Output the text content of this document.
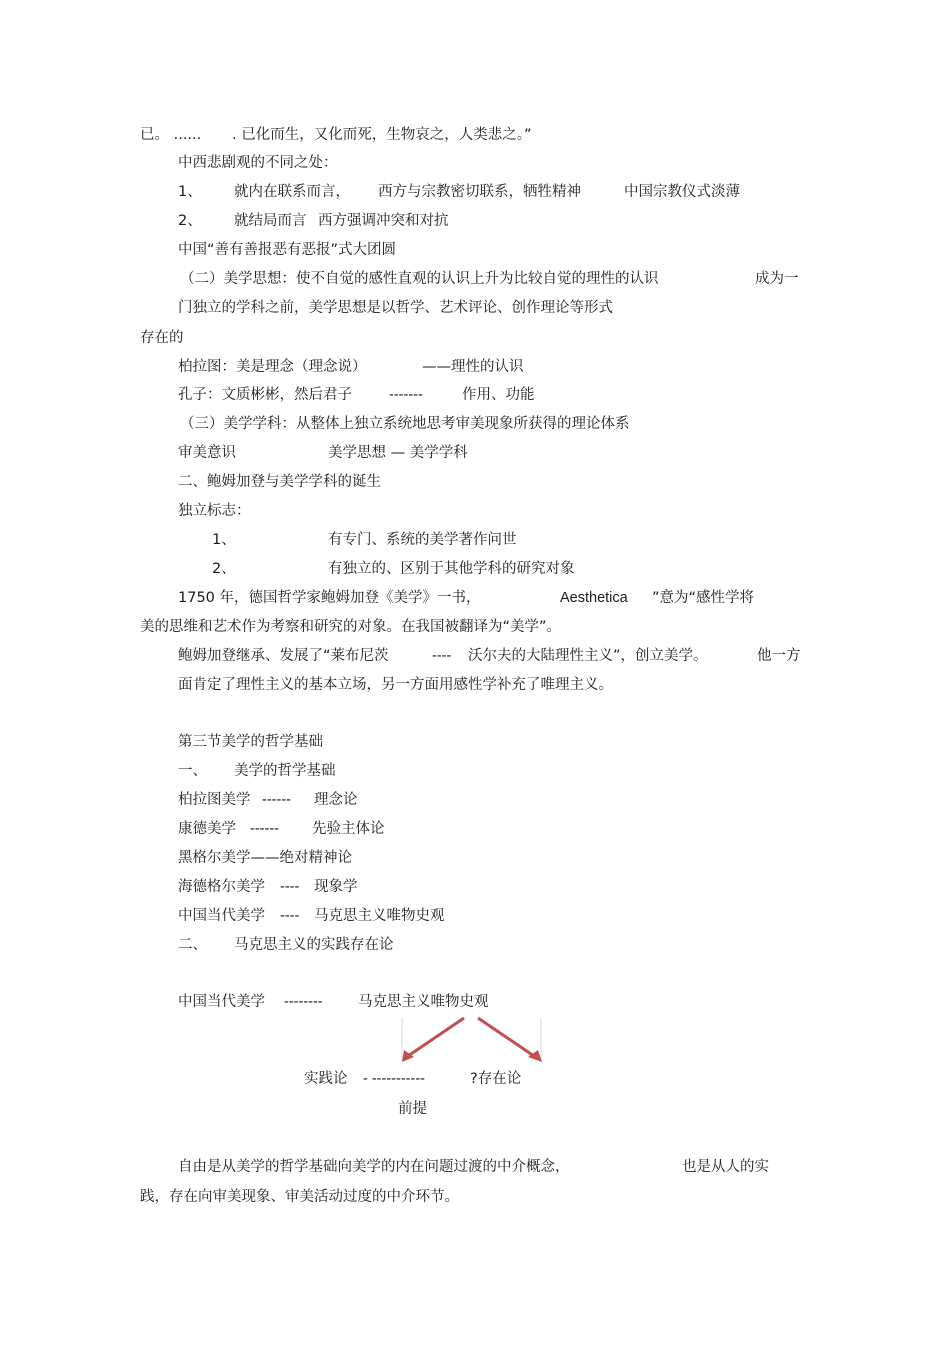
已。 ...... . 已化而生，又化而死，生物哀之，人类悲之。”
中西悲剧观的不同之处：
1、 就内在联系而言， 西方与宗教密切联系，牺牲精神	中国宗教仪式淡薄
2、 就结局而言 西方强调冲突和对抗
中国“善有善报恶有恶报”式大团圆
（二）美学思想：使不自觉的感性直观的认识上升为比较自觉的理性的认识	成为一
门独立的学科之前，美学思想是以哲学、艺术评论、创作理论等形式
存在的
柏拉图：美是理念（理念说）	——理性的认识
孔子：文质彬彬，然后君子	-------	作用、功能
（三）美学学科：从整体上独立系统地思考审美现象所获得的理论体系
审美意识	美学思想 — 美学学科
二、鲍姆加登与美学学科的诞生
独立标志：
1、	有专门、系统的美学著作问世
2、	有独立的、区别于其他学科的研究对象
1750 年，德国哲学家鲍姆加登《美学》一书，	Aesthetica ”意为“感性学将
美的思维和艺术作为考察和研究的对象。在我国被翻译为“美学”。
鲍姆加登继承、发展了“莱布尼茨	---- 沃尔夫的大陆理性主义”，创立美学。	他一方
面肯定了理性主义的基本立场，另一方面用感性学补充了唯理主义。
第三节美学的哲学基础
一、 美学的哲学基础
柏拉图美学 ------ 理念论
康德美学 ------ 先验主体论
黑格尔美学——绝对精神论
海德格尔美学 ---- 现象学
中国当代美学 ---- 马克思主义唯物史观
二、 马克思主义的实践存在论
中国当代美学 -------- 马克思主义唯物史观
实践论 - -----------	?存在论
前提
自由是从美学的哲学基础向美学的内在问题过渡的中介概念，	也是从人的实
践，存在向审美现象、审美活动过度的中介环节。
